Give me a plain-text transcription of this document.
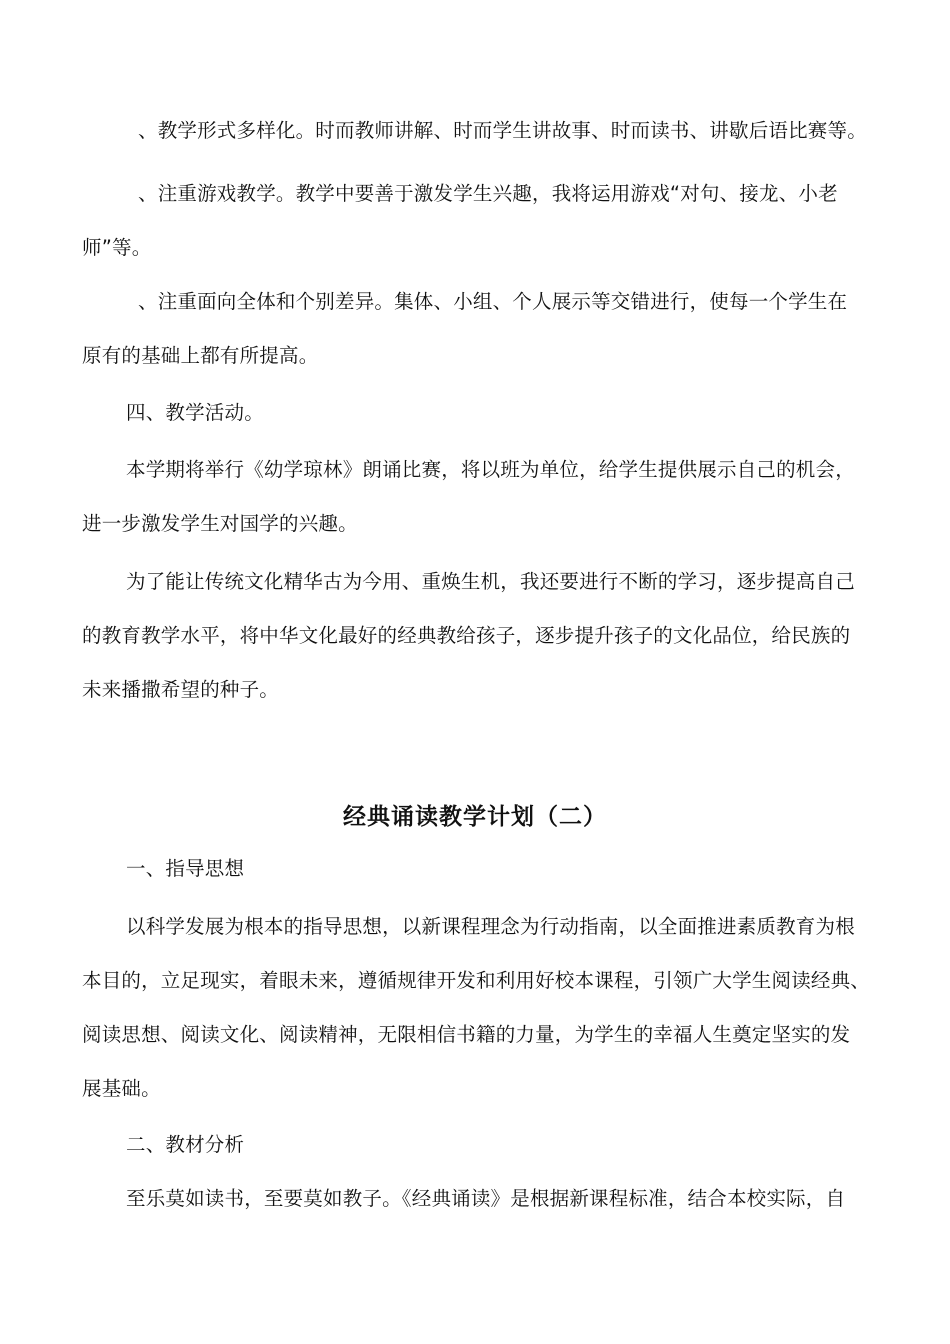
、教学形式多样化。时而教师讲解、时而学生讲故事、时而读书、讲歇后语比赛等。

、注重游戏教学。教学中要善于激发学生兴趣，我将运用游戏“对句、接龙、小老
师”等。

、注重面向全体和个别差异。集体、小组、个人展示等交错进行，使每一个学生在
原有的基础上都有所提高。

四、教学活动。

本学期将举行《幼学琼林》朗诵比赛，将以班为单位，给学生提供展示自己的机会，
进一步激发学生对国学的兴趣。

为了能让传统文化精华古为今用、重焕生机，我还要进行不断的学习，逐步提高自己
的教育教学水平，将中华文化最好的经典教给孩子，逐步提升孩子的文化品位，给民族的
未来播撒希望的种子。

经典诵读教学计划（二）

一、指导思想

以科学发展为根本的指导思想，以新课程理念为行动指南，以全面推进素质教育为根
本目的，立足现实，着眼未来，遵循规律开发和利用好校本课程，引领广大学生阅读经典、
阅读思想、阅读文化、阅读精神，无限相信书籍的力量，为学生的幸福人生奠定坚实的发
展基础。

二、教材分析

至乐莫如读书，至要莫如教子。《经典诵读》是根据新课程标准，结合本校实际，自
